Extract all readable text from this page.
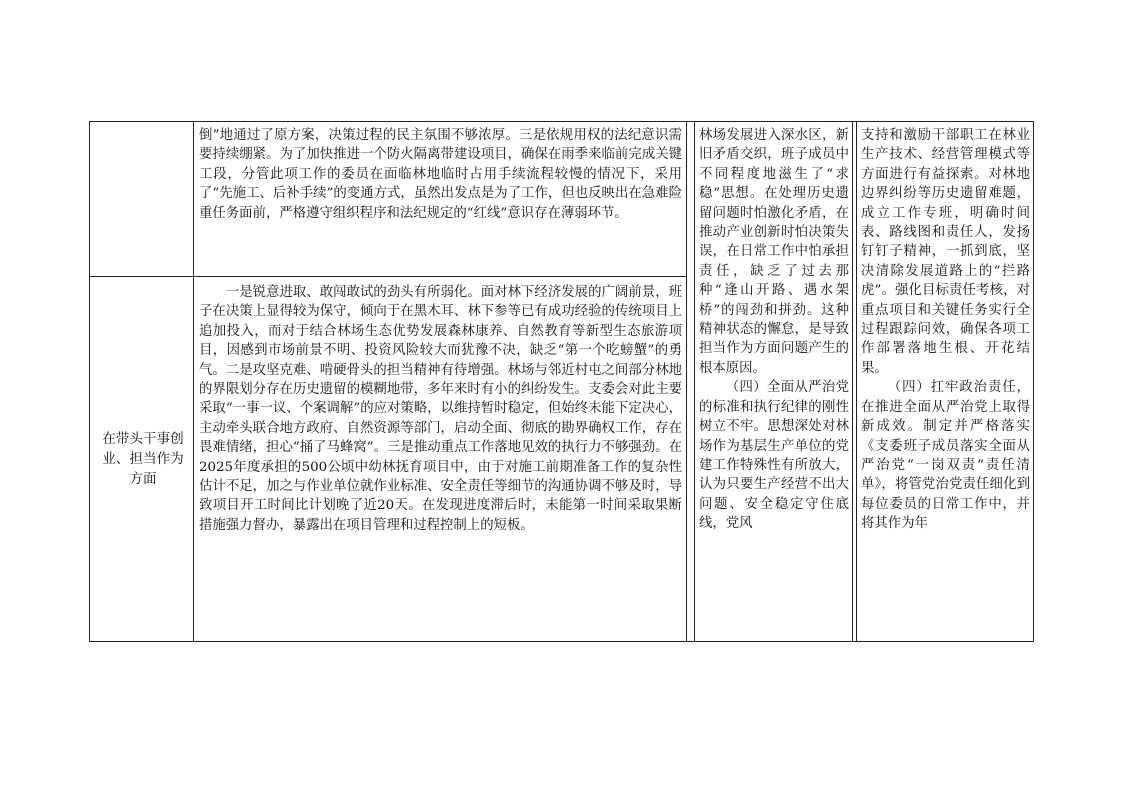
倒”地通过了原方案，决策过程的民主氛围不够浓厚。三是依规用权的法纪意识需要持续绷紧。为了加快推进一个防火隔离带建设项目，确保在雨季来临前完成关键工段，分管此项工作的委员在面临林地临时占用手续流程较慢的情况下，采用了“先施工、后补手续”的变通方式，虽然出发点是为了工作，但也反映出在急难险重任务面前，严格遵守组织程序和法纪规定的“红线”意识存在薄弱环节。

在带头干事创业、担当作为方面

一是锐意进取、敢闯敢试的劲头有所弱化。面对林下经济发展的广阔前景，班子在决策上显得较为保守，倾向于在黑木耳、林下参等已有成功经验的传统项目上追加投入，而对于结合林场生态优势发展森林康养、自然教育等新型生态旅游项目，因感到市场前景不明、投资风险较大而犹豫不决，缺乏“第一个吃螃蟹”的勇气。二是攻坚克难、啃硬骨头的担当精神有待增强。林场与邻近村屯之间部分林地的界限划分存在历史遗留的模糊地带，多年来时有小的纠纷发生。支委会对此主要采取“一事一议、个案调解”的应对策略，以维持暂时稳定，但始终未能下定决心，主动牵头联合地方政府、自然资源等部门，启动全面、彻底的勘界确权工作，存在畏难情绪，担心“捅了马蜂窝”。三是推动重点工作落地见效的执行力不够强劲。在2025年度承担的500公顷中幼林抚育项目中，由于对施工前期准备工作的复杂性估计不足，加之与作业单位就作业标准、安全责任等细节的沟通协调不够及时，导致项目开工时间比计划晚了近20天。在发现进度滞后时，未能第一时间采取果断措施强力督办，暴露出在项目管理和过程控制上的短板。

林场发展进入深水区，新旧矛盾交织，班子成员中不同程度地滋生了“求稳”思想。在处理历史遗留问题时怕激化矛盾，在推动产业创新时怕决策失误，在日常工作中怕承担责任，缺乏了过去那种“逢山开路、遇水架桥”的闯劲和拼劲。这种精神状态的懈怠，是导致担当作为方面问题产生的根本原因。

（四）全面从严治党的标准和执行纪律的刚性树立不牢。思想深处对林场作为基层生产单位的党建工作特殊性有所放大，认为只要生产经营不出大问题、安全稳定守住底线，党风

支持和激励干部职工在林业生产技术、经营管理模式等方面进行有益探索。对林地边界纠纷等历史遗留难题，成立工作专班，明确时间表、路线图和责任人，发扬钉钉子精神，一抓到底，坚决清除发展道路上的“拦路虎”。强化目标责任考核，对重点项目和关键任务实行全过程跟踪问效，确保各项工作部署落地生根、开花结果。

（四）扛牢政治责任，在推进全面从严治党上取得新成效。制定并严格落实《支委班子成员落实全面从严治党“一岗双责”责任清单》，将管党治党责任细化到每位委员的日常工作中，并将其作为年
